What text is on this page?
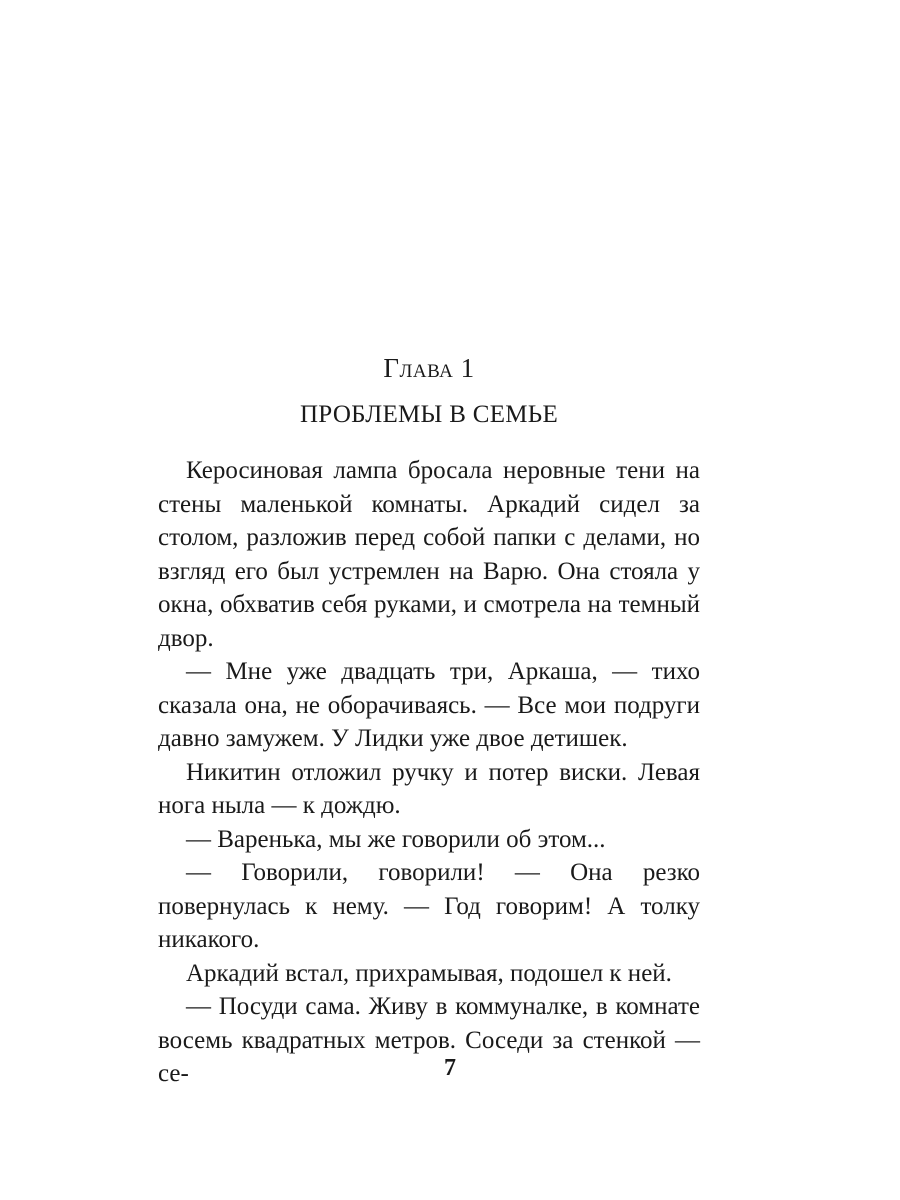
Глава 1
ПРОБЛЕМЫ В СЕМЬЕ

Керосиновая лампа бросала неровные тени на стены маленькой комнаты. Аркадий сидел за столом, разложив перед собой папки с делами, но взгляд его был устремлен на Варю. Она стояла у окна, обхватив себя руками, и смотрела на темный двор.

— Мне уже двадцать три, Аркаша, — тихо сказала она, не оборачиваясь. — Все мои подруги давно замужем. У Лидки уже двое детишек.

Никитин отложил ручку и потер виски. Левая нога ныла — к дождю.

— Варенька, мы же говорили об этом...

— Говорили, говорили! — Она резко повернулась к нему. — Год говорим! А толку никакого.

Аркадий встал, прихрамывая, подошел к ней.

— Посуди сама. Живу в коммуналке, в комнате восемь квадратных метров. Соседи за стенкой — се-	7
